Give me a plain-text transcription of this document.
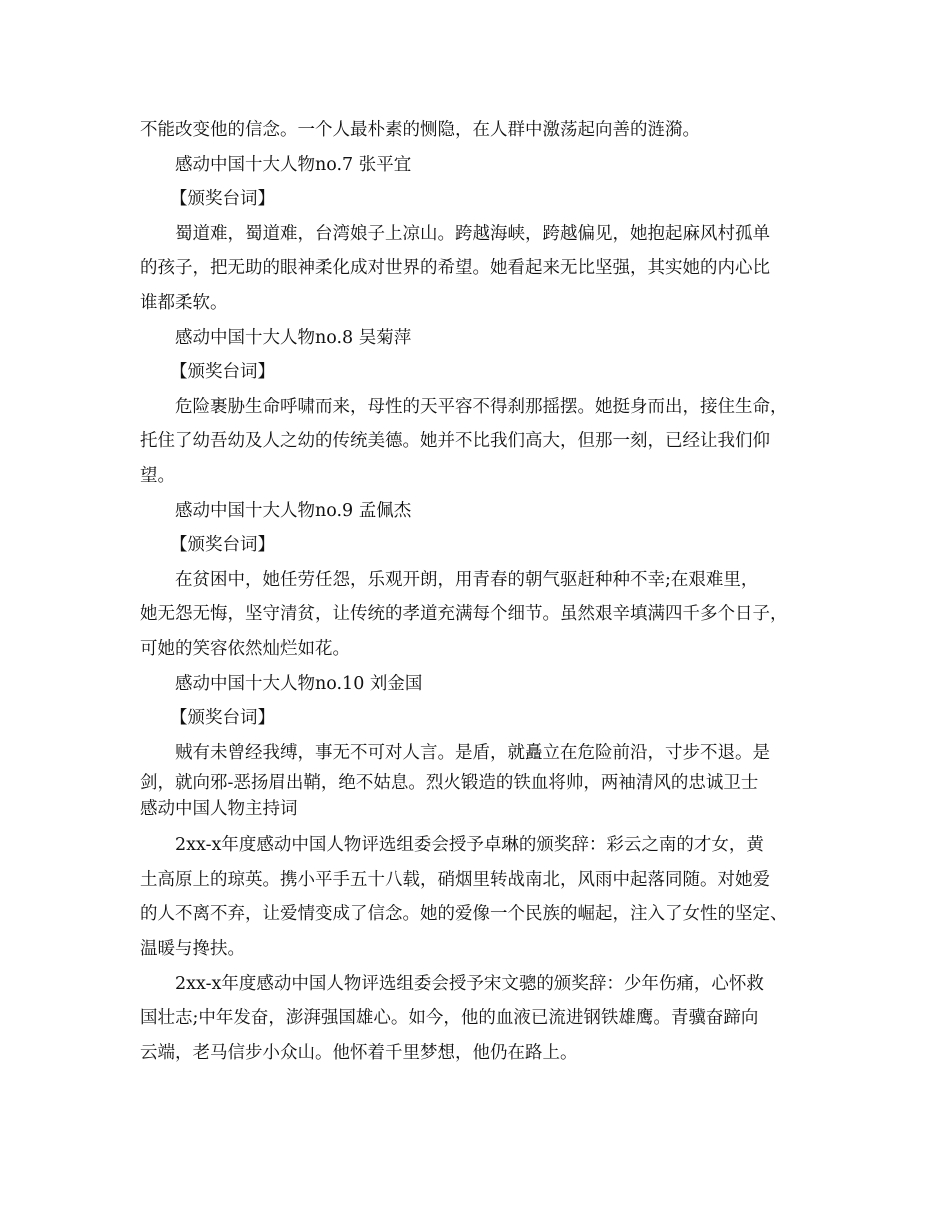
不能改变他的信念。一个人最朴素的恻隐，在人群中激荡起向善的涟漪。

感动中国十大人物no.7 张平宜

【颁奖台词】

蜀道难，蜀道难，台湾娘子上凉山。跨越海峡，跨越偏见，她抱起麻风村孤单

的孩子，把无助的眼神柔化成对世界的希望。她看起来无比坚强，其实她的内心比

谁都柔软。

感动中国十大人物no.8 吴菊萍

【颁奖台词】

危险裹胁生命呼啸而来，母性的天平容不得刹那摇摆。她挺身而出，接住生命，

托住了幼吾幼及人之幼的传统美德。她并不比我们高大，但那一刻，已经让我们仰

望。

感动中国十大人物no.9 孟佩杰

【颁奖台词】

在贫困中，她任劳任怨，乐观开朗，用青春的朝气驱赶种种不幸;在艰难里，

她无怨无悔，坚守清贫，让传统的孝道充满每个细节。虽然艰辛填满四千多个日子，

可她的笑容依然灿烂如花。

感动中国十大人物no.10 刘金国

【颁奖台词】

贼有未曾经我缚，事无不可对人言。是盾，就矗立在危险前沿，寸步不退。是

剑，就向邪-恶扬眉出鞘，绝不姑息。烈火锻造的铁血将帅，两袖清风的忠诚卫士

感动中国人物主持词

2xx-x年度感动中国人物评选组委会授予卓琳的颁奖辞：彩云之南的才女，黄

土高原上的琼英。携小平手五十八载，硝烟里转战南北，风雨中起落同随。对她爱

的人不离不弃，让爱情变成了信念。她的爱像一个民族的崛起，注入了女性的坚定、

温暖与搀扶。

2xx-x年度感动中国人物评选组委会授予宋文骢的颁奖辞：少年伤痛，心怀救

国壮志;中年发奋，澎湃强国雄心。如今，他的血液已流进钢铁雄鹰。青骥奋蹄向

云端，老马信步小众山。他怀着千里梦想，他仍在路上。
